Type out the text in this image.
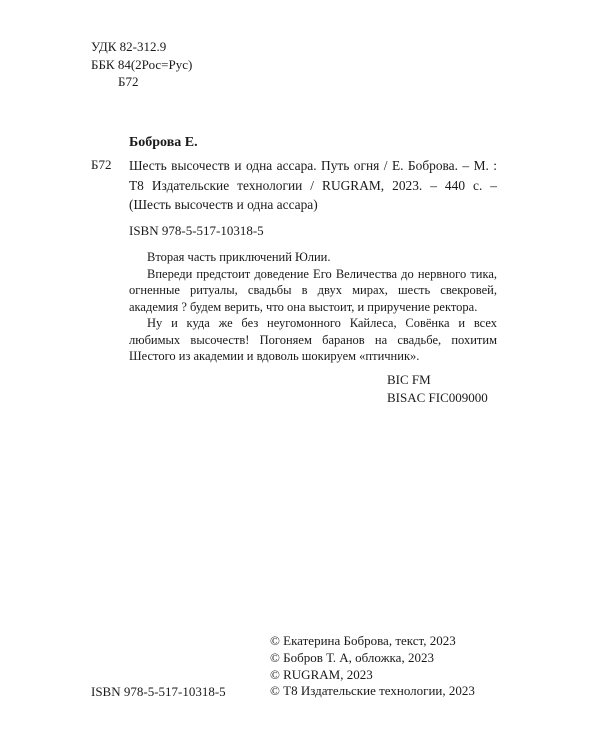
УДК 82-312.9
ББК 84(2Рос=Рус)
Б72
Боброва Е.
Б72 Шесть высочеств и одна ассара. Путь огня / Е. Боброва. – М. : Т8 Издательские технологии / RUGRAM, 2023. – 440 с. – (Шесть высочеств и одна ассара)
ISBN 978-5-517-10318-5

Вторая часть приключений Юлии.

Впереди предстоит доведение Его Величества до нервного тика, огненные ритуалы, свадьбы в двух мирах, шесть свекровей, академия ? будем верить, что она выстоит, и приручение ректора.

Ну и куда же без неугомонного Кайлеса, Совёнка и всех любимых высочеств! Погоняем баранов на свадьбе, похитим Шестого из академии и вдоволь шокируем «птичник».

BIC FM
BISAC FIC009000
ISBN 978-5-517-10318-5
© Екатерина Боброва, текст, 2023
© Бобров Т. А, обложка, 2023
© RUGRAM, 2023
© Т8 Издательские технологии, 2023
